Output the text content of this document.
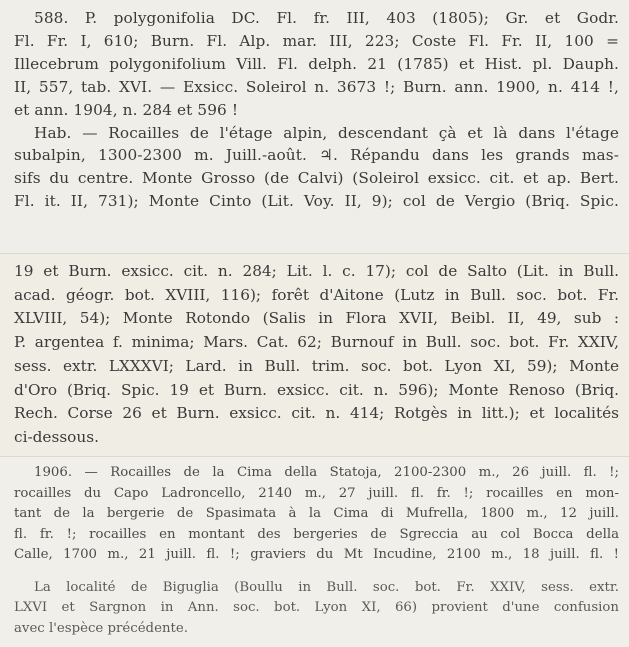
588. P. polygonifolia DC. Fl. fr. III, 403 (1805); Gr. et Godr.
Fl. Fr. I, 610; Burn. Fl. Alp. mar. III, 223; Coste Fl. Fr. II, 100 =
Illecebrum polygonifolium Vill. Fl. delph. 21 (1785) et Hist. pl. Dauph.
II, 557, tab. XVI. — Exsicc. Soleirol n. 3673 !; Burn. ann. 1900, n. 414 !,
et ann. 1904, n. 284 et 596 !
Hab. — Rocailles de l'étage alpin, descendant çà et là dans l'étage
subalpin, 1300-2300 m. Juill.-août. ♃. Répandu dans les grands mas-
sifs du centre. Monte Grosso (de Calvi) (Soleirol exsicc. cit. et ap. Bert.
Fl. it. II, 731); Monte Cinto (Lit. Voy. II, 9); col de Vergio (Briq. Spic.
19 et Burn. exsicc. cit. n. 284; Lit. l. c. 17); col de Salto (Lit. in Bull.
acad. géogr. bot. XVIII, 116); forêt d'Aitone (Lutz in Bull. soc. bot. Fr.
XLVIII, 54); Monte Rotondo (Salis in Flora XVII, Beibl. II, 49, sub :
P. argentea f. minima; Mars. Cat. 62; Burnouf in Bull. soc. bot. Fr. XXIV,
sess. extr. LXXXVI; Lard. in Bull. trim. soc. bot. Lyon XI, 59); Monte
d'Oro (Briq. Spic. 19 et Burn. exsicc. cit. n. 596); Monte Renoso (Briq.
Rech. Corse 26 et Burn. exsicc. cit. n. 414; Rotgès in litt.); et localités
ci-dessous.
1906. — Rocailles de la Cima della Statoja, 2100-2300 m., 26 juill. fl. !;
rocailles du Capo Ladroncello, 2140 m., 27 juill. fl. fr. !; rocailles en mon-
tant de la bergerie de Spasimata à la Cima di Mufrella, 1800 m., 12 juill.
fl. fr. !; rocailles en montant des bergeries de Sgreccia au col Bocca della
Calle, 1700 m., 21 juill. fl. !; graviers du Mt Incudine, 2100 m., 18 juill. fl. !
La localité de Biguglia (Boullu in Bull. soc. bot. Fr. XXIV, sess. extr.
LXVI et Sargnon in Ann. soc. bot. Lyon XI, 66) provient d'une confusion
avec l'espèce précédente.
